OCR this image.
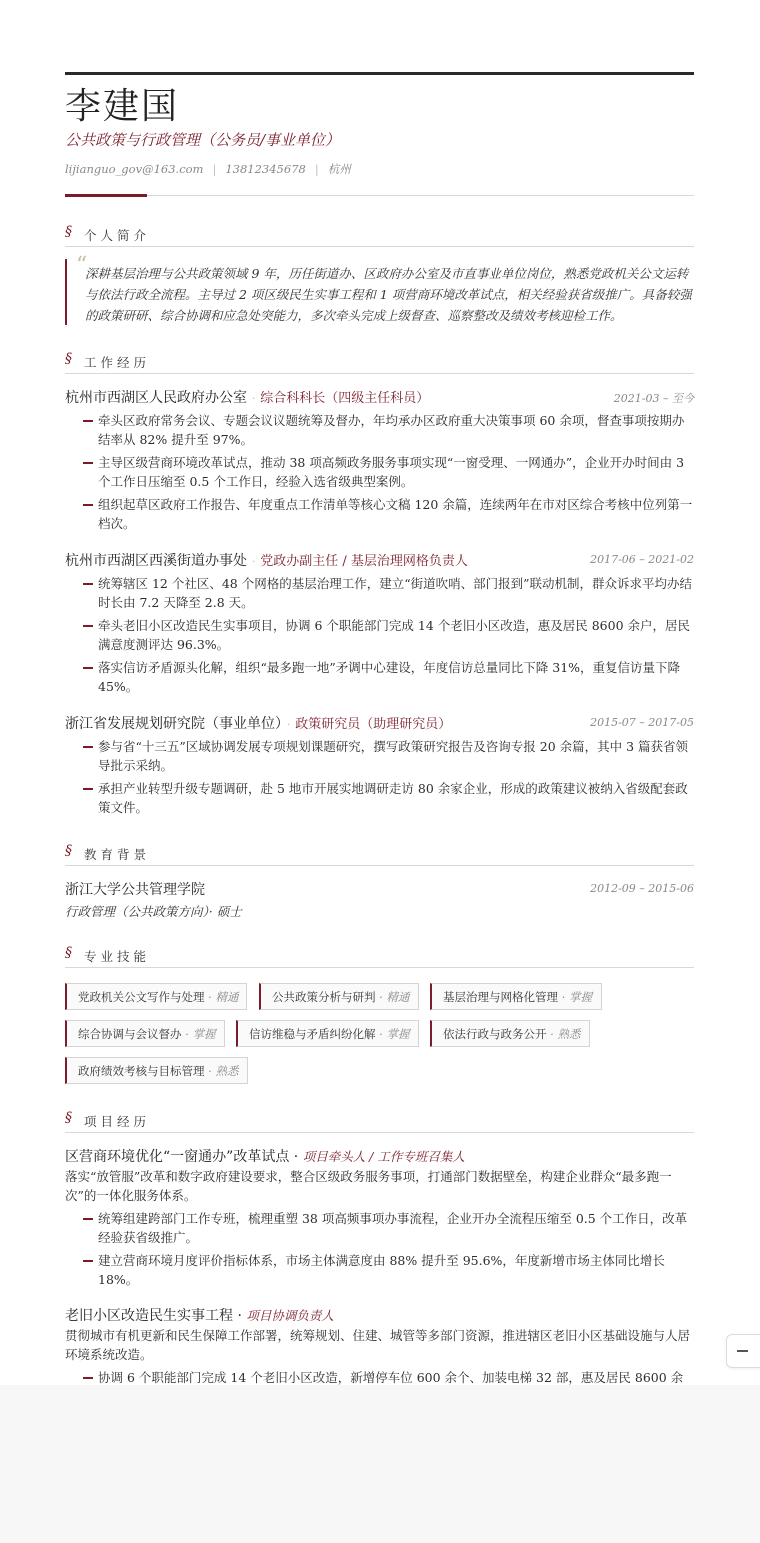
李建国
公共政策与行政管理（公务员/事业单位）
lijianguo_gov@163.com | 13812345678 | 杭州
§ 个人简介
“
深耕基层治理与公共政策领域 9 年，历任街道办、区政府办公室及市直事业单位岗位，熟悉党政机关公文运转与依法行政全流程。主导过 2 项区级民生实事工程和 1 项营商环境改革试点，相关经验获省级推广。具备较强的政策研研、综合协调和应急处突能力，多次牵头完成上级督查、巡察整改及绩效考核迎检工作。
§ 工作经历
杭州市西湖区人民政府办公室 · 综合科科长（四级主任科员）	2021-03 – 至今
牵头区政府常务会议、专题会议议题统筹及督办，年均承办区政府重大决策事项 60 余项，督查事项按期办结率从 82% 提升至 97%。
主导区级营商环境改革试点，推动 38 项高频政务服务事项实现“一窗受理、一网通办”，企业开办时间由 3 个工作日压缩至 0.5 个工作日，经验入选省级典型案例。
组织起草区政府工作报告、年度重点工作清单等核心文稿 120 余篇，连续两年在市对区综合考核中位列第一档次。
杭州市西湖区西溪街道办事处 · 党政办副主任 / 基层治理网格负责人	2017-06 – 2021-02
统筹辖区 12 个社区、48 个网格的基层治理工作，建立“街道吹哨、部门报到”联动机制，群众诉求平均办结时长由 7.2 天降至 2.8 天。
牵头老旧小区改造民生实事项目，协调 6 个职能部门完成 14 个老旧小区改造，惠及居民 8600 余户，居民满意度测评达 96.3%。
落实信访矛盾源头化解，组织“最多跑一地”矛调中心建设，年度信访总量同比下降 31%，重复信访量下降 45%。
浙江省发展规划研究院（事业单位） · 政策研究员（助理研究员）	2015-07 – 2017-05
参与省“十三五”区域协调发展专项规划课题研究，撰写政策研究报告及咨询专报 20 余篇，其中 3 篇获省领导批示采纳。
承担产业转型升级专题调研，赴 5 地市开展实地调研走访 80 余家企业，形成的政策建议被纳入省级配套政策文件。
§ 教育背景
浙江大学公共管理学院	2012-09 – 2015-06
行政管理（公共政策方向）· 硕士
§ 专业技能
党政机关公文写作与处理 · 精通	公共政策分析与研判 · 精通	基层治理与网格化管理 · 掌握
综合协调与会议督办 · 掌握	信访维稳与矛盾纠纷化解 · 掌握	依法行政与政务公开 · 熟悉
政府绩效考核与目标管理 · 熟悉
§ 项目经历
区营商环境优化“一窗通办”改革试点 · 项目牵头人 / 工作专班召集人
落实“放管服”改革和数字政府建设要求，整合区级政务服务事项，打通部门数据壁垒，构建企业群众“最多跑一次”的一体化服务体系。
统筹组建跨部门工作专班，梳理重塑 38 项高频事项办事流程，企业开办全流程压缩至 0.5 个工作日，改革经验获省级推广。
建立营商环境月度评价指标体系，市场主体满意度由 88% 提升至 95.6%，年度新增市场主体同比增长 18%。
老旧小区改造民生实事工程 · 项目协调负责人
贯彻城市有机更新和民生保障工作部署，统筹规划、住建、城管等多部门资源，推进辖区老旧小区基础设施与人居环境系统改造。
协调 6 个职能部门完成 14 个老旧小区改造，新增停车位 600 余个、加装电梯 32 部，惠及居民 8600 余
